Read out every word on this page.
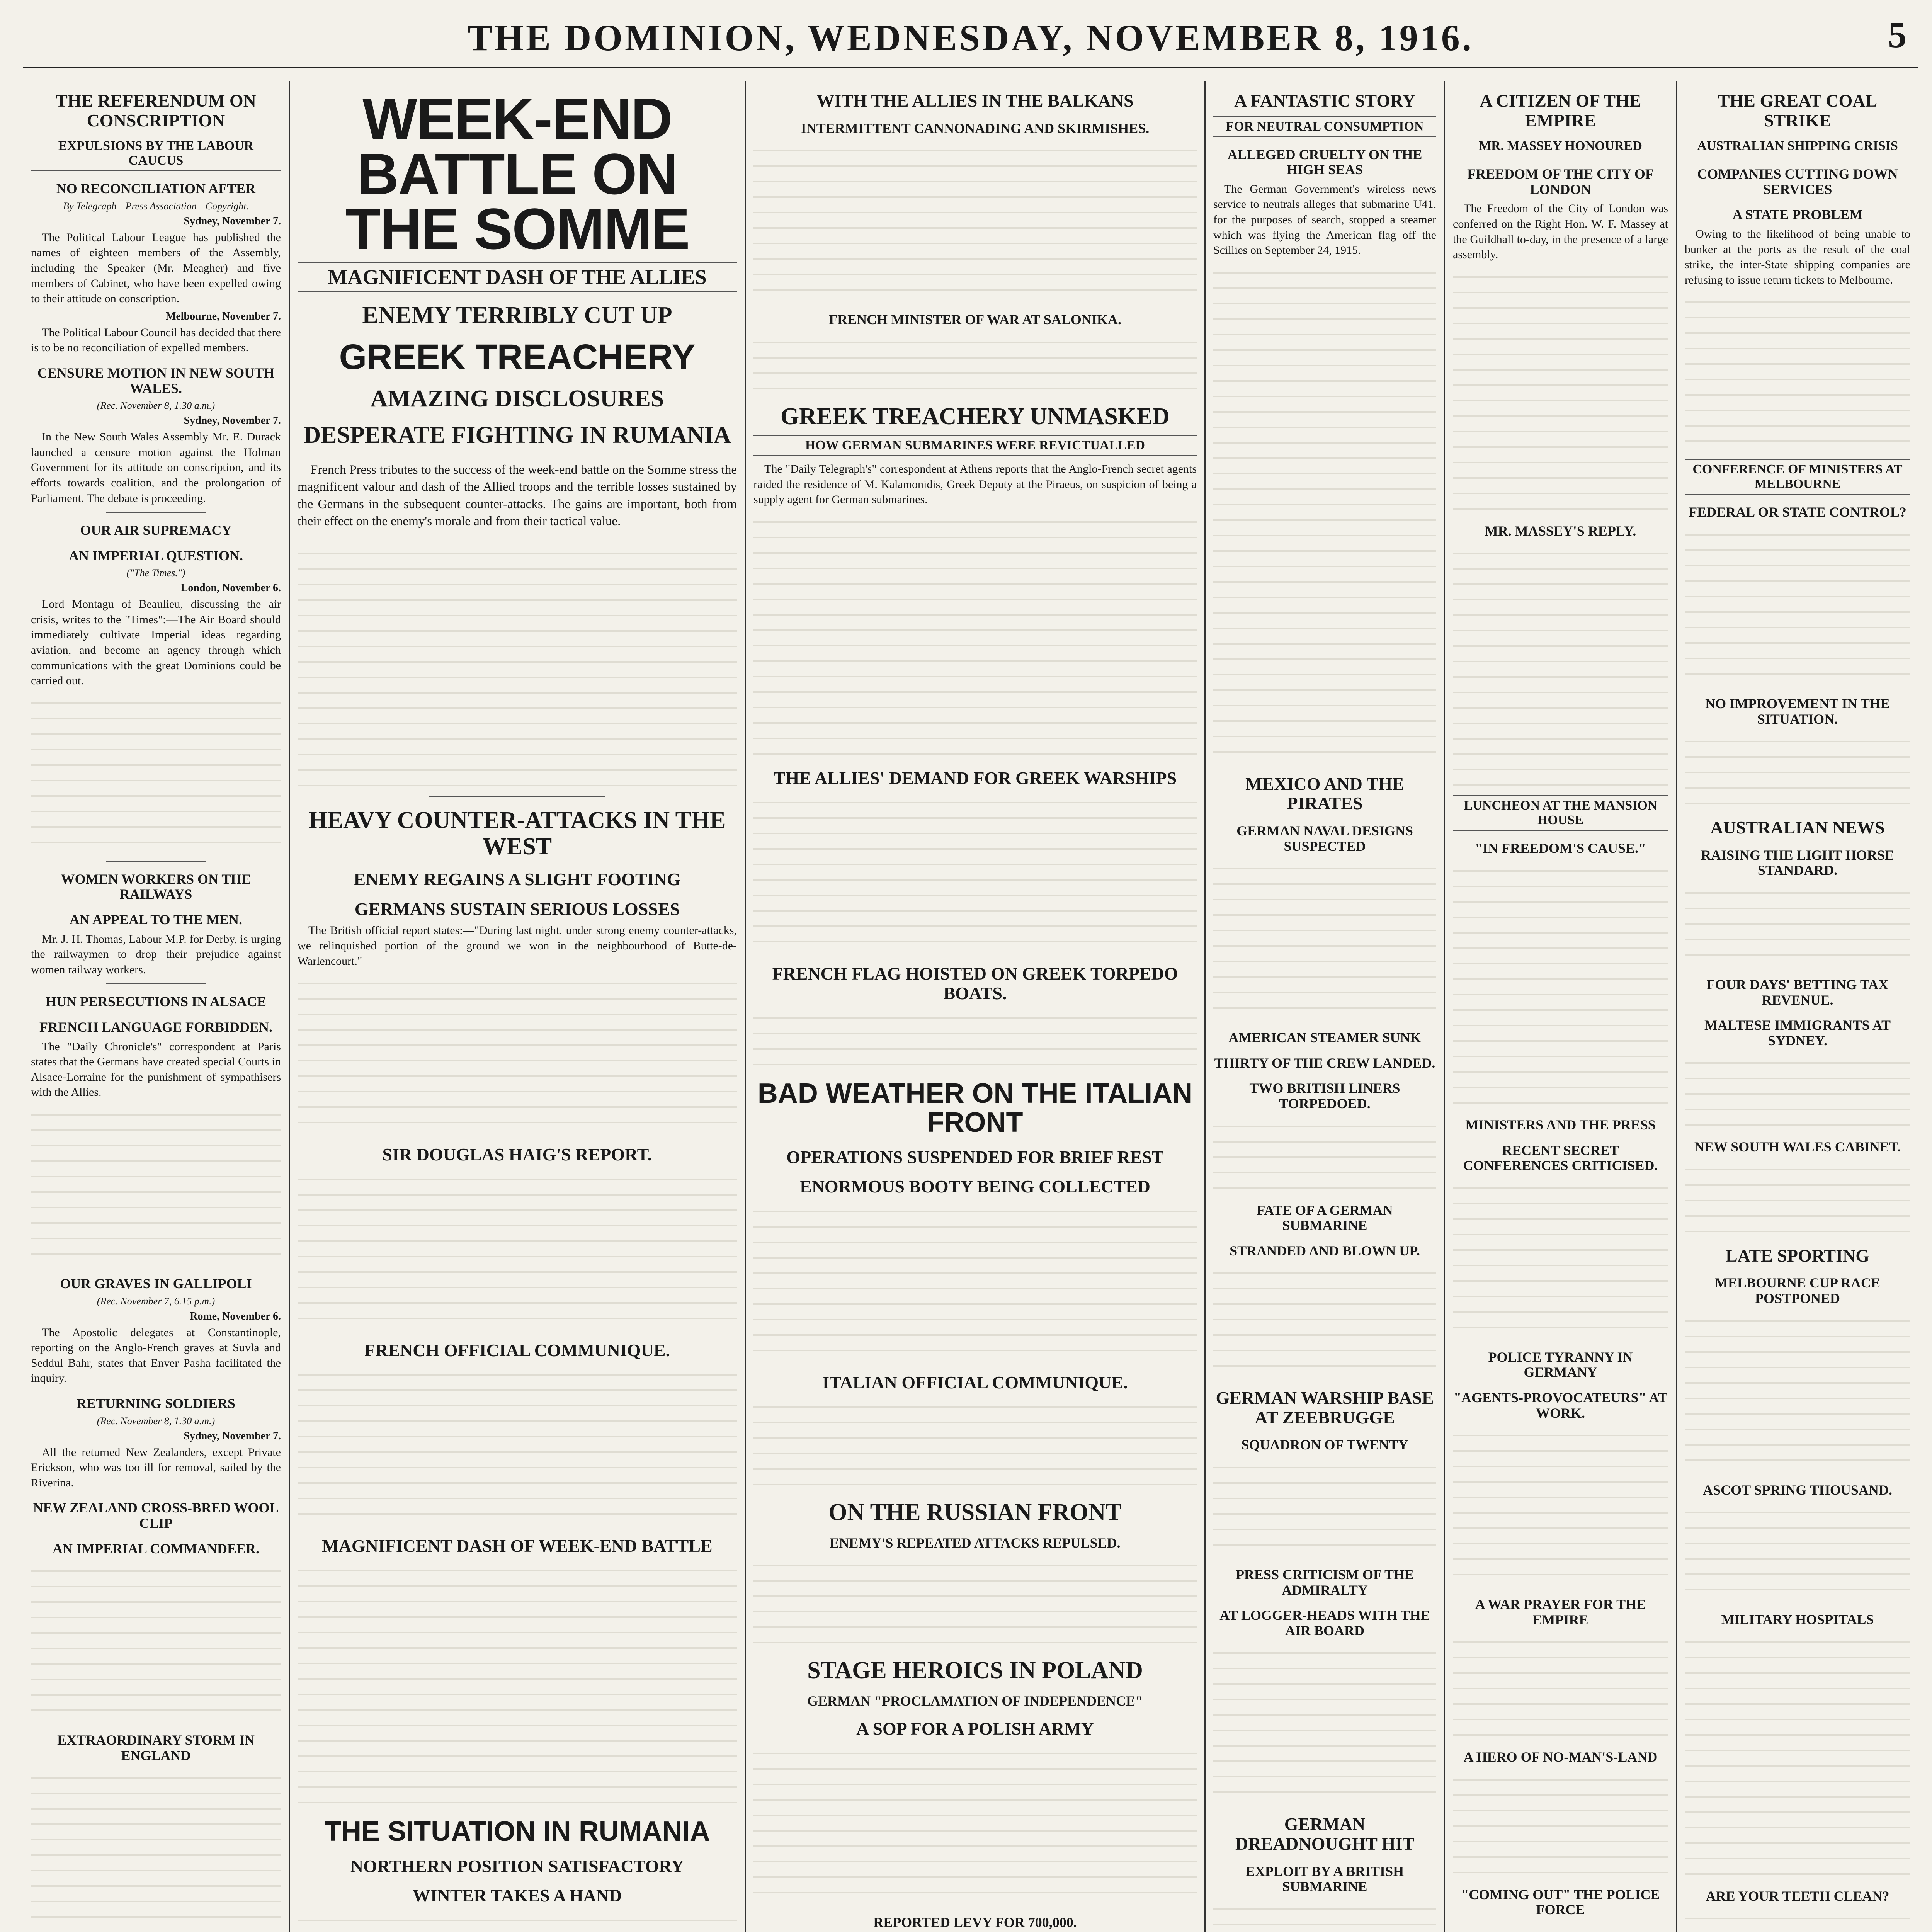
THE DOMINION, WEDNESDAY, NOVEMBER 8, 1916.	5
THE REFERENDUM ON CONSCRIPTION
EXPULSIONS BY THE LABOUR CAUCUS
NO RECONCILIATION AFTER
By Telegraph—Press Association—Copyright.
Sydney, November 7.

The Political Labour League has published the names of eighteen members of the Assembly, including the Speaker (Mr. Meagher) and five members of Cabinet, who have been expelled owing to their attitude on conscription.

Melbourne, November 7.

The Political Labour Council has decided that there is to be no reconciliation of expelled members.

CENSURE MOTION IN NEW SOUTH WALES.
(Rec. November 8, 1.30 a.m.)
Sydney, November 7.

In the New South Wales Assembly Mr. E. Durack launched a censure motion against the Holman Government for its attitude on conscription, and its efforts towards coalition, and the prolongation of Parliament. The debate is proceeding.

OUR AIR SUPREMACY
AN IMPERIAL QUESTION.
("The Times.")
London, November 6.

Lord Montagu of Beaulieu, discussing the air crisis, writes to the "Times":—The Air Board should immediately cultivate Imperial ideas regarding aviation, and become an agency through which communications with the great Dominions could be carried out.

WOMEN WORKERS ON THE RAILWAYS
AN APPEAL TO THE MEN.

Mr. J. H. Thomas, Labour M.P. for Derby, is urging the railwaymen to drop their prejudice against women railway workers.

HUN PERSECUTIONS IN ALSACE
FRENCH LANGUAGE FORBIDDEN.

The "Daily Chronicle's" correspondent at Paris states that the Germans have created special Courts in Alsace-Lorraine for the punishment of sympathisers with the Allies.

OUR GRAVES IN GALLIPOLI
(Rec. November 7, 6.15 p.m.)
Rome, November 6.

The Apostolic delegates at Constantinople, reporting on the Anglo-French graves at Suvla and Seddul Bahr, states that Enver Pasha facilitated the inquiry.

RETURNING SOLDIERS
(Rec. November 8, 1.30 a.m.)
Sydney, November 7.

All the returned New Zealanders, except Private Erickson, who was too ill for removal, sailed by the Riverina.

NEW ZEALAND CROSS-BRED WOOL CLIP
AN IMPERIAL COMMANDEER.
EXTRAORDINARY STORM IN ENGLAND
WEEK-END BATTLE ON THE SOMME
MAGNIFICENT DASH OF THE ALLIES
ENEMY TERRIBLY CUT UP
GREEK TREACHERY
AMAZING DISCLOSURES
DESPERATE FIGHTING IN RUMANIA

French Press tributes to the success of the week-end battle on the Somme stress the magnificent valour and dash of the Allied troops and the terrible losses sustained by the Germans in the subsequent counter-attacks. The gains are important, both from their effect on the enemy's morale and from their tactical value.

HEAVY COUNTER-ATTACKS IN THE WEST
ENEMY REGAINS A SLIGHT FOOTING
GERMANS SUSTAIN SERIOUS LOSSES

The British official report states:—"During last night, under strong enemy counter-attacks, we relinquished portion of the ground we won in the neighbourhood of Butte-de-Warlencourt."

SIR DOUGLAS HAIG'S REPORT.
FRENCH OFFICIAL COMMUNIQUE.
MAGNIFICENT DASH OF WEEK-END BATTLE
THE SITUATION IN RUMANIA
NORTHERN POSITION SATISFACTORY
WINTER TAKES A HAND
WITH THE ALLIES IN THE BALKANS
INTERMITTENT CANNONADING AND SKIRMISHES.
FRENCH MINISTER OF WAR AT SALONIKA.
GREEK TREACHERY UNMASKED
HOW GERMAN SUBMARINES WERE REVICTUALLED

The "Daily Telegraph's" correspondent at Athens reports that the Anglo-French secret agents raided the residence of M. Kalamonidis, Greek Deputy at the Piraeus, on suspicion of being a supply agent for German submarines.

THE ALLIES' DEMAND FOR GREEK WARSHIPS
FRENCH FLAG HOISTED ON GREEK TORPEDO BOATS.
BAD WEATHER ON THE ITALIAN FRONT
OPERATIONS SUSPENDED FOR BRIEF REST
ENORMOUS BOOTY BEING COLLECTED
ITALIAN OFFICIAL COMMUNIQUE.
ON THE RUSSIAN FRONT
ENEMY'S REPEATED ATTACKS REPULSED.
STAGE HEROICS IN POLAND
GERMAN "PROCLAMATION OF INDEPENDENCE"
A SOP FOR A POLISH ARMY
REPORTED LEVY FOR 700,000.
A FANTASTIC STORY
FOR NEUTRAL CONSUMPTION
ALLEGED CRUELTY ON THE HIGH SEAS

The German Government's wireless news service to neutrals alleges that submarine U41, for the purposes of search, stopped a steamer which was flying the American flag off the Scillies on September 24, 1915.

MEXICO AND THE PIRATES
GERMAN NAVAL DESIGNS SUSPECTED
AMERICAN STEAMER SUNK
THIRTY OF THE CREW LANDED.
TWO BRITISH LINERS TORPEDOED.
FATE OF A GERMAN SUBMARINE
STRANDED AND BLOWN UP.
GERMAN WARSHIP BASE AT ZEEBRUGGE
SQUADRON OF TWENTY
PRESS CRITICISM OF THE ADMIRALTY
AT LOGGER-HEADS WITH THE AIR BOARD
GERMAN DREADNOUGHT HIT
EXPLOIT BY A BRITISH SUBMARINE
A CITIZEN OF THE EMPIRE
MR. MASSEY HONOURED
FREEDOM OF THE CITY OF LONDON

The Freedom of the City of London was conferred on the Right Hon. W. F. Massey at the Guildhall to-day, in the presence of a large assembly.

MR. MASSEY'S REPLY.
LUNCHEON AT THE MANSION HOUSE
"IN FREEDOM'S CAUSE."
MINISTERS AND THE PRESS
RECENT SECRET CONFERENCES CRITICISED.
POLICE TYRANNY IN GERMANY
"AGENTS-PROVOCATEURS" AT WORK.
A WAR PRAYER FOR THE EMPIRE
A HERO OF NO-MAN'S-LAND
"COMING OUT" THE POLICE FORCE
THE GREAT COAL STRIKE
AUSTRALIAN SHIPPING CRISIS
COMPANIES CUTTING DOWN SERVICES
A STATE PROBLEM

Owing to the likelihood of being unable to bunker at the ports as the result of the coal strike, the inter-State shipping companies are refusing to issue return tickets to Melbourne.

CONFERENCE OF MINISTERS AT MELBOURNE
FEDERAL OR STATE CONTROL?
NO IMPROVEMENT IN THE SITUATION.
AUSTRALIAN NEWS
RAISING THE LIGHT HORSE STANDARD.
FOUR DAYS' BETTING TAX REVENUE.
MALTESE IMMIGRANTS AT SYDNEY.
NEW SOUTH WALES CABINET.
LATE SPORTING
MELBOURNE CUP RACE POSTPONED
ASCOT SPRING THOUSAND.
MILITARY HOSPITALS
ARE YOUR TEETH CLEAN?
